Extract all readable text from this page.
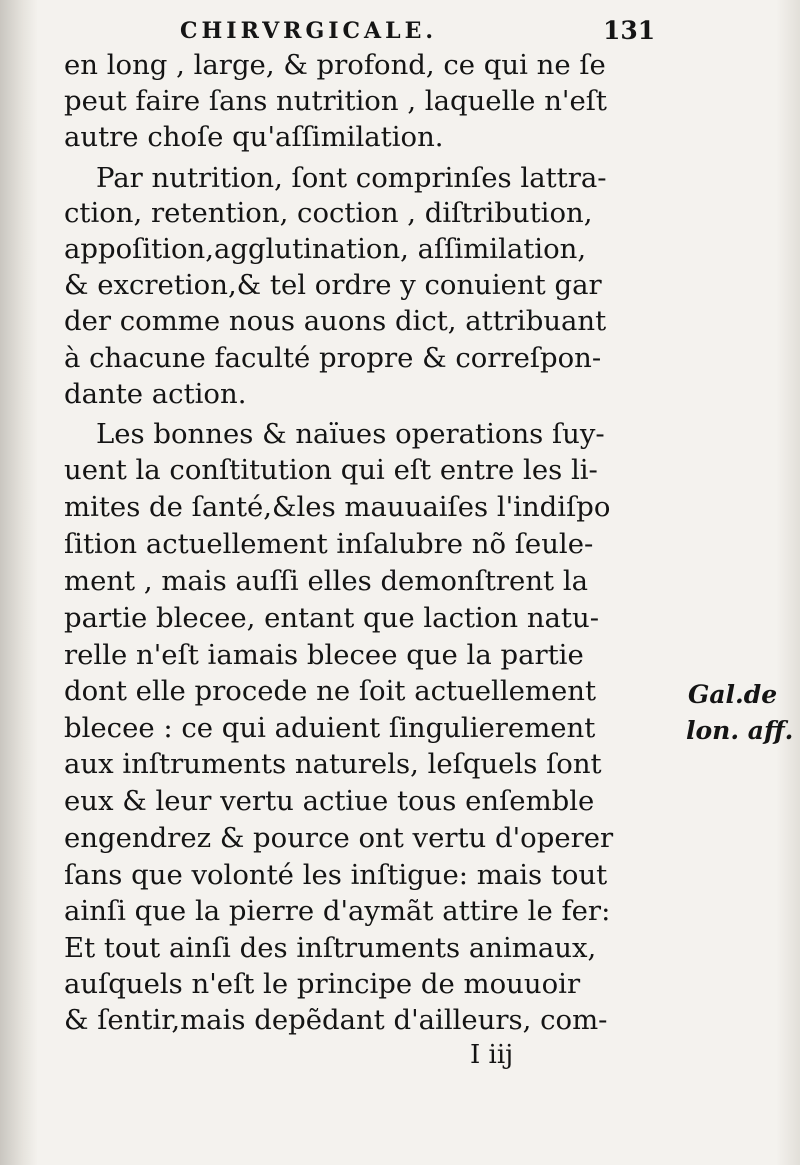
CHIRVRGICALE.	131
en long , large, & profond, ce qui ne ſe
peut faire ſans nutrition , laquelle n'eſt
autre choſe qu'aſſimilation.
Par nutrition, ſont comprinſes lattra-
ction, retention, coction , diſtribution,
appoſition,agglutination, aſſimilation,
& excretion,& tel ordre y conuient gar
der comme nous auons dict, attribuant
à chacune faculté propre & correſpon-
dante action.
Les bonnes & naïues operations ſuy-
uent la conſtitution qui eſt entre les li-
mites de ſanté,&les mauuaiſes l'indiſpo
ſition actuellement inſalubre nõ ſeule-
ment , mais auſſi elles demonſtrent la
partie blecee, entant que laction natu-
relle n'eſt iamais blecee que la partie
dont elle procede ne ſoit actuellement
blecee : ce qui aduient ſingulierement
aux inſtruments naturels, leſquels ſont
eux & leur vertu actiue tous enſemble
engendrez & pource ont vertu d'operer
ſans que volonté les inſtigue: mais tout
ainſi que la pierre d'aymãt attire le fer:
Et tout ainſi des inſtruments animaux,
auſquels n'eſt le principe de mouuoir
& ſentir,mais depẽdant d'ailleurs, com-
Gal.de
lon. aff.
I iij
